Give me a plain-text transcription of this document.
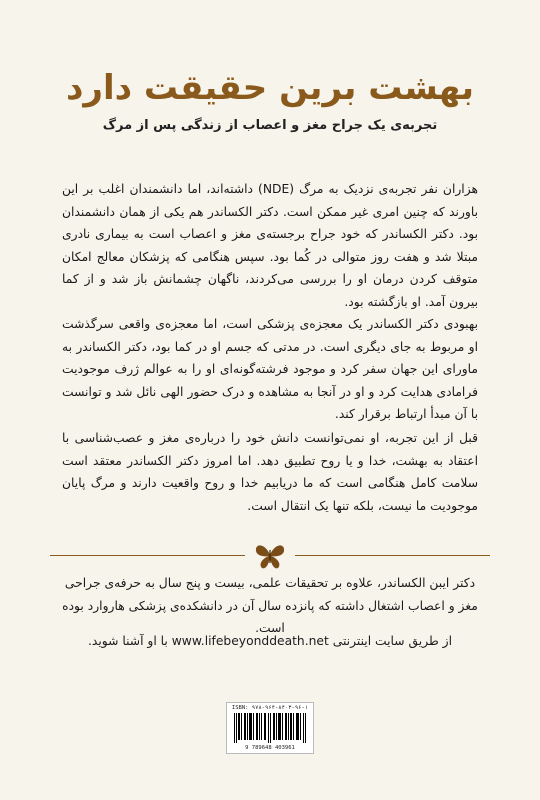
بهشت برین حقیقت دارد
تجربه‌ی یک جراح مغز و اعصاب از زندگی پس از مرگ

هزاران نفر تجربه‌ی نزدیک به مرگ (NDE) داشته‌اند، اما دانشمندان اغلب بر این باورند که چنین امری غیر ممکن است. دکتر الکساندر هم یکی از همان دانشمندان بود. دکتر الکساندر که خود جراح برجسته‌ی مغز و اعصاب است به بیماری نادری مبتلا شد و هفت روز متوالی در کُما بود. سپس هنگامی که پزشکان معالج امکان متوقف کردن درمان او را بررسی می‌کردند، ناگهان چشمانش باز شد و از کما بیرون آمد. او بازگشته بود.

بهبودی دکتر الکساندر یک معجزه‌ی پزشکی است، اما معجزه‌ی واقعی سرگذشت او مربوط به جای دیگری است. در مدتی که جسم او در کما بود، دکتر الکساندر به ماورای این جهان سفر کرد و موجود فرشته‌گونه‌ای او را به عوالم ژرف موجودیت فرامادی هدایت کرد و او در آنجا به مشاهده و درک حضور الهی نائل شد و توانست با آن مبدأ ارتباط برقرار کند.

قبل از این تجربه، او نمی‌توانست دانش خود را درباره‌ی مغز و عصب‌شناسی با اعتقاد به بهشت، خدا و یا روح تطبیق دهد. اما امروز دکتر الکساندر معتقد است سلامت کامل هنگامی است که ما دریابیم خدا و روح واقعیت دارند و مرگ پایان موجودیت ما نیست، بلکه تنها یک انتقال است.

دکتر ایبن الکساندر، علاوه بر تحقیقات علمی، بیست و پنج سال به حرفه‌ی جراحی مغز و اعصاب اشتغال داشته که پانزده سال آن در دانشکده‌ی پزشکی هاروارد بوده است.

از طریق سایت اینترنتی www.lifebeyonddeath.net با او آشنا شوید.

ISBN: ۹۷۸-۹۶۴-۸۴۰۳-۹۶-۱
9 789648 403961
